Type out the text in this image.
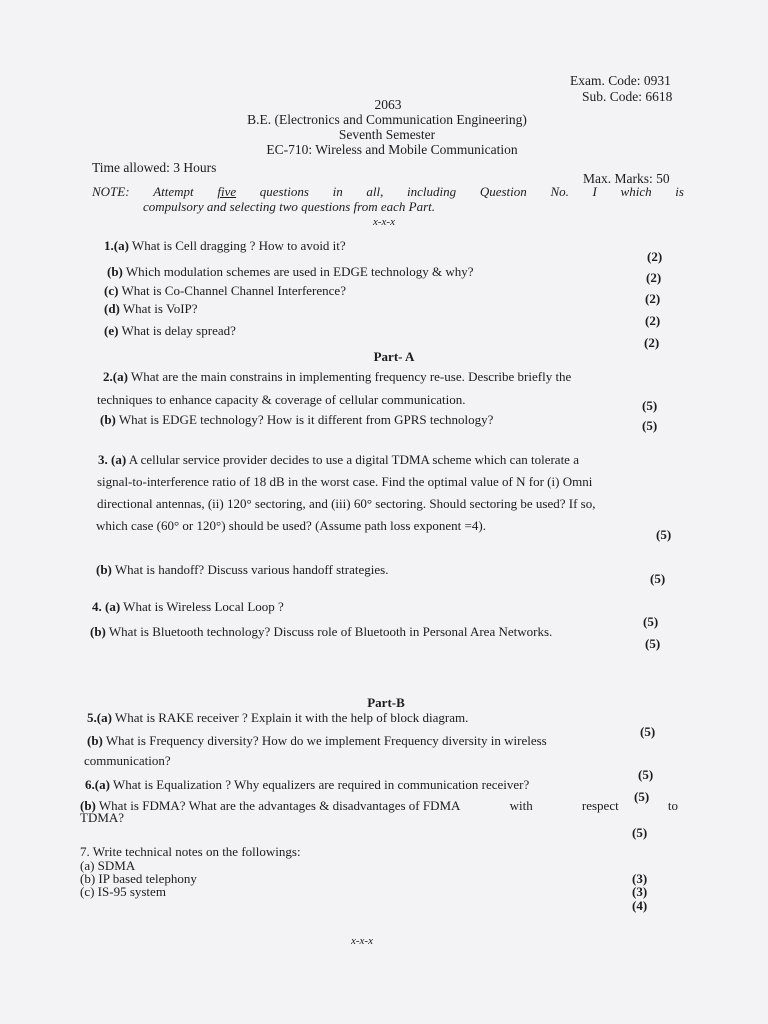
Exam. Code: 0931
Sub. Code: 6618
2063
B.E. (Electronics and Communication Engineering)
Seventh Semester
EC-710: Wireless and Mobile Communication
Time allowed: 3 Hours
Max. Marks: 50
NOTE: Attempt five questions in all, including Question No. I which is
compulsory and selecting two questions from each Part.
x-x-x
1.(a) What is Cell dragging ? How to avoid it?
(2)
(b) Which modulation schemes are used in EDGE technology & why?	(2)
(c) What is Co-Channel Channel Interference?
(2)
(d) What is VoIP?
(2)
(e) What is delay spread?
(2)
Part- A
2.(a) What are the main constrains in implementing frequency re-use. Describe briefly the
techniques to enhance capacity & coverage of cellular communication.	(5)
(b) What is EDGE technology? How is it different from GPRS technology?	(5)
3. (a) A cellular service provider decides to use a digital TDMA scheme which can tolerate a
signal-to-interference ratio of 18 dB in the worst case. Find the optimal value of N for (i) Omni
directional antennas, (ii) 120° sectoring, and (iii) 60° sectoring. Should sectoring be used? If so,
which case (60° or 120°) should be used? (Assume path loss exponent =4).
(5)
(b) What is handoff? Discuss various handoff strategies.
(5)
4. (a) What is Wireless Local Loop ?
(5)
(b) What is Bluetooth technology? Discuss role of Bluetooth in Personal Area Networks.
(5)
Part-B
5.(a) What is RAKE receiver ? Explain it with the help of block diagram.
(5)
(b) What is Frequency diversity? How do we implement Frequency diversity in wireless
communication?
(5)
6.(a) What is Equalization ? Why equalizers are required in communication receiver?
(5)
(b) What is FDMA? What are the advantages & disadvantages of FDMA	with	respect	to
TDMA?
(5)
7. Write technical notes on the followings:
(a) SDMA
(b) IP based telephony
(c) IS-95 system
(3)
(3)
(4)
x-x-x
